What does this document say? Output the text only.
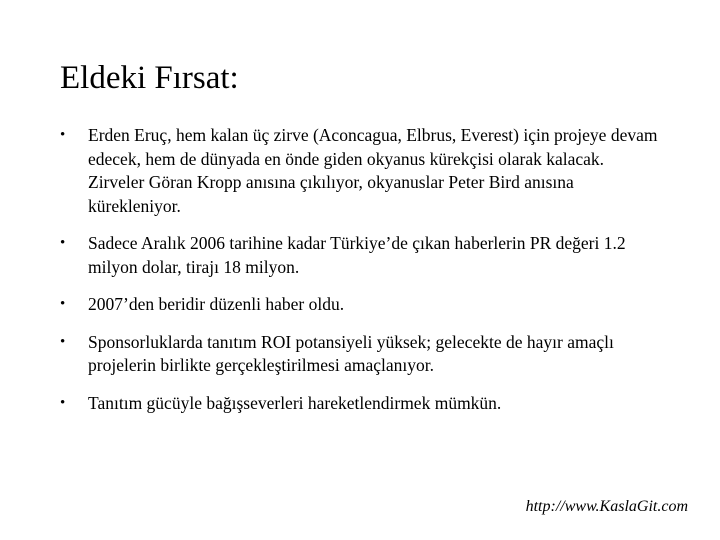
Eldeki Fırsat:
• Erden Eruç, hem kalan üç zirve (Aconcagua, Elbrus, Everest) için projeye devam edecek, hem de dünyada en önde giden okyanus kürekçisi olarak kalacak. Zirveler Göran Kropp anısına çıkılıyor, okyanuslar Peter Bird anısına kürekleniyor.
• Sadece Aralık 2006 tarihine kadar Türkiye’de çıkan haberlerin PR değeri 1.2 milyon dolar, tirajı 18 milyon.
• 2007’den beridir düzenli haber oldu.
• Sponsorluklarda tanıtım ROI potansiyeli yüksek; gelecekte de hayır amaçlı projelerin birlikte gerçekleştirilmesi amaçlanıyor.
• Tanıtım gücüyle bağışseverleri hareketlendirmek mümkün.
http://www.KaslaGit.com
